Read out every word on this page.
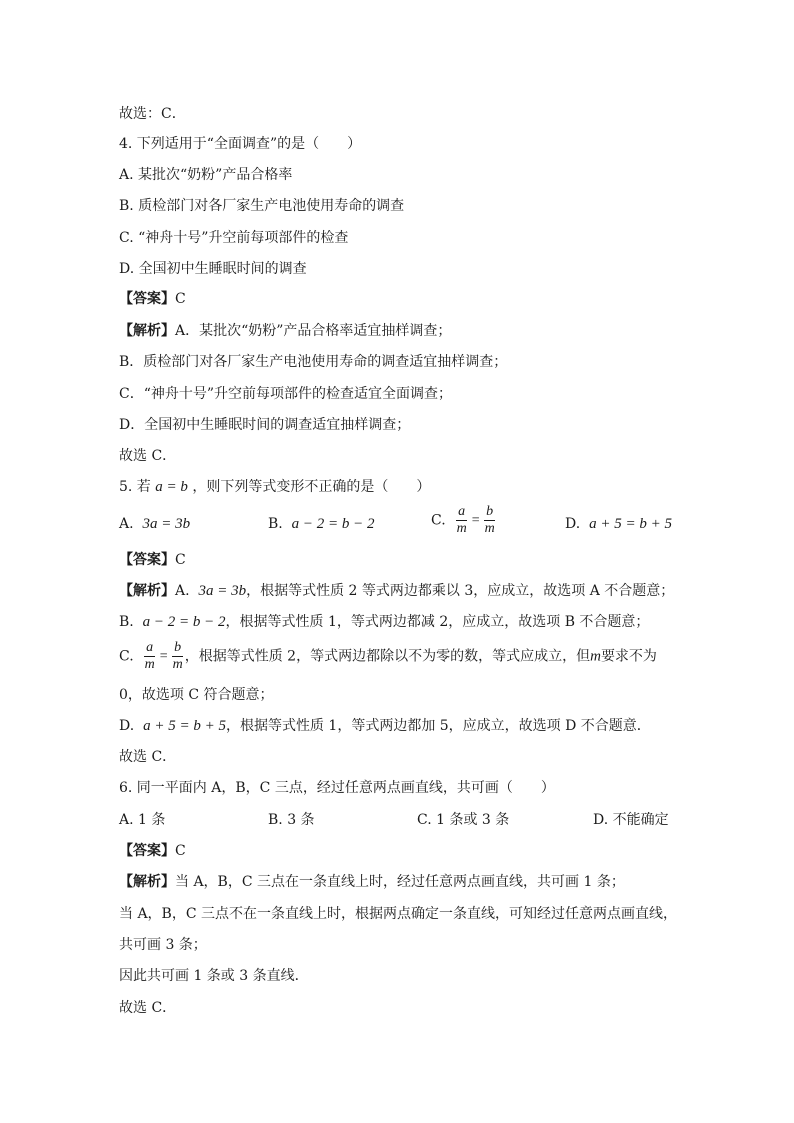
故选：C．
4. 下列适用于“全面调查”的是（　　）
A. 某批次“奶粉”产品合格率
B. 质检部门对各厂家生产电池使用寿命的调查
C. “神舟十号”升空前每项部件的检查
D. 全国初中生睡眠时间的调查
【答案】C
【解析】A．某批次“奶粉”产品合格率适宜抽样调查；
B．质检部门对各厂家生产电池使用寿命的调查适宜抽样调查；
C．“神舟十号”升空前每项部件的检查适宜全面调查；
D．全国初中生睡眠时间的调查适宜抽样调查；
故选 C．
5. 若 a = b ，则下列等式变形不正确的是（　　）
A. 3a = 3b	B. a − 2 = b − 2	C. $\frac{a}{m} = \frac{b}{m}$	D. a + 5 = b + 5
【答案】C
【解析】A. 3a = 3b，根据等式性质 2 等式两边都乘以 3，应成立，故选项 A 不合题意；
B. a − 2 = b − 2，根据等式性质 1，等式两边都减 2，应成立，故选项 B 不合题意；
C. $\frac{a}{m} = \frac{b}{m}$ ，根据等式性质 2，等式两边都除以不为零的数，等式应成立，但m要求不为
0，故选项 C 符合题意；
D. a + 5 = b + 5，根据等式性质 1，等式两边都加 5，应成立，故选项 D 不合题意．
故选 C．
6. 同一平面内 A，B，C 三点，经过任意两点画直线，共可画（　　）
A. 1 条	B. 3 条	C. 1 条或 3 条	D. 不能确定
【答案】C
【解析】当 A，B，C 三点在一条直线上时，经过任意两点画直线，共可画 1 条；
当 A，B，C 三点不在一条直线上时，根据两点确定一条直线，可知经过任意两点画直线，
共可画 3 条；
因此共可画 1 条或 3 条直线．
故选 C．
